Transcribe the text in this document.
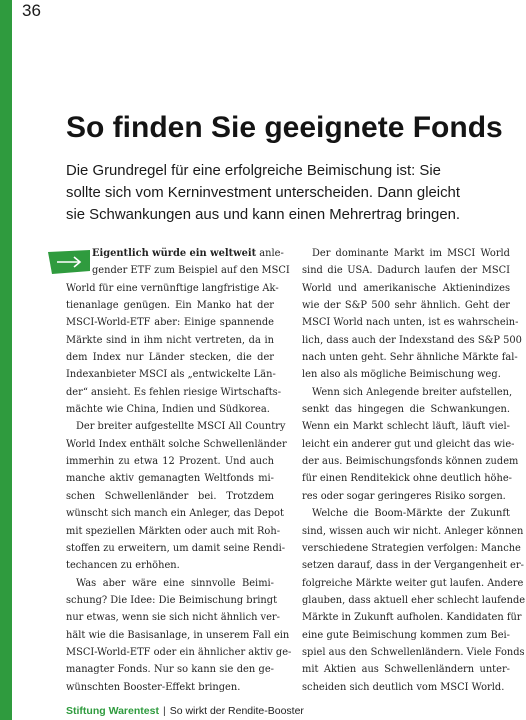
36
So finden Sie geeignete Fonds
Die Grundregel für eine erfolgreiche Beimischung ist: Sie
sollte sich vom Kerninvestment unterscheiden. Dann gleicht
sie Schwankungen aus und kann einen Mehrertrag bringen.
Eigentlich würde ein weltweit anle-
gender ETF zum Beispiel auf den MSCI
World für eine vernünftige langfristige Ak-
tienanlage genügen. Ein Manko hat der
MSCI-World-ETF aber: Einige spannende
Märkte sind in ihm nicht vertreten, da in
dem Index nur Länder stecken, die der
Indexanbieter MSCI als „entwickelte Län-
der“ ansieht. Es fehlen riesige Wirtschafts-
mächte wie China, Indien und Südkorea.
Der breiter aufgestellte MSCI All Country
World Index enthält solche Schwellenländer
immerhin zu etwa 12 Prozent. Und auch
manche aktiv gemanagten Weltfonds mi-
schen Schwellenländer bei. Trotzdem
wünscht sich manch ein Anleger, das Depot
mit speziellen Märkten oder auch mit Roh-
stoffen zu erweitern, um damit seine Rendi-
techancen zu erhöhen.
Was aber wäre eine sinnvolle Beimi-
schung? Die Idee: Die Beimischung bringt
nur etwas, wenn sie sich nicht ähnlich ver-
hält wie die Basisanlage, in unserem Fall ein
MSCI-World-ETF oder ein ähnlicher aktiv ge-
managter Fonds. Nur so kann sie den ge-
wünschten Booster-Effekt bringen.
Der dominante Markt im MSCI World
sind die USA. Dadurch laufen der MSCI
World und amerikanische Aktienindizes
wie der S&P 500 sehr ähnlich. Geht der
MSCI World nach unten, ist es wahrschein-
lich, dass auch der Indexstand des S&P 500
nach unten geht. Sehr ähnliche Märkte fal-
len also als mögliche Beimischung weg.
Wenn sich Anlegende breiter aufstellen,
senkt das hingegen die Schwankungen.
Wenn ein Markt schlecht läuft, läuft viel-
leicht ein anderer gut und gleicht das wie-
der aus. Beimischungsfonds können zudem
für einen Renditekick ohne deutlich höhe-
res oder sogar geringeres Risiko sorgen.
Welche die Boom-Märkte der Zukunft
sind, wissen auch wir nicht. Anleger können
verschiedene Strategien verfolgen: Manche
setzen darauf, dass in der Vergangenheit er-
folgreiche Märkte weiter gut laufen. Andere
glauben, dass aktuell eher schlecht laufende
Märkte in Zukunft aufholen. Kandidaten für
eine gute Beimischung kommen zum Bei-
spiel aus den Schwellenländern. Viele Fonds
mit Aktien aus Schwellenländern unter-
scheiden sich deutlich vom MSCI World.
Stiftung Warentest | So wirkt der Rendite-Booster
